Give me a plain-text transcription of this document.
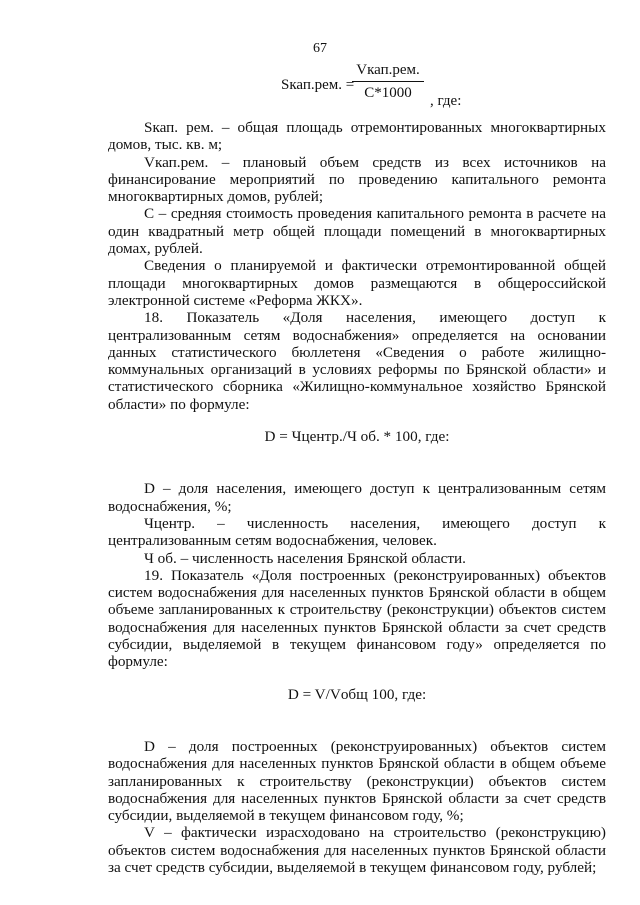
67
Sкап.рем. =
Vкап.рем.
C*1000	, где:

Sкап. рем. – общая площадь отремонтированных многоквартирных домов, тыс. кв. м;

Vкап.рем. – плановый объем средств из всех источников на финансирование мероприятий по проведению капитального ремонта многоквартирных домов, рублей;

С – средняя стоимость проведения капитального ремонта в расчете на один квадратный метр общей площади помещений в многоквартирных домах, рублей.

Сведения о планируемой и фактически отремонтированной общей площади многоквартирных домов размещаются в общероссийской электронной системе «Реформа ЖКХ».

18. Показатель «Доля населения, имеющего доступ к централизованным сетям водоснабжения» определяется на основании данных статистического бюллетеня «Сведения о работе жилищно-коммунальных организаций в условиях реформы по Брянской области» и статистического сборника «Жилищно-коммунальное хозяйство Брянской области» по формуле:

D = Чцентр./Ч об. * 100, где:

D – доля населения, имеющего доступ к централизованным сетям водоснабжения, %;

Чцентр. – численность населения, имеющего доступ к централизованным сетям водоснабжения, человек.

Ч об. – численность населения Брянской области.

19. Показатель «Доля построенных (реконструированных) объектов систем водоснабжения для населенных пунктов Брянской области в общем объеме запланированных к строительству (реконструкции) объектов систем водоснабжения для населенных пунктов Брянской области за счет средств субсидии, выделяемой в текущем финансовом году» определяется по формуле:

D = V/Vобщ 100, где:

D – доля построенных (реконструированных) объектов систем водоснабжения для населенных пунктов Брянской области в общем объеме запланированных к строительству (реконструкции) объектов систем водоснабжения для населенных пунктов Брянской области за счет средств субсидии, выделяемой в текущем финансовом году, %;

V – фактически израсходовано на строительство (реконструкцию) объектов систем водоснабжения для населенных пунктов Брянской области за счет средств субсидии, выделяемой в текущем финансовом году, рублей;
